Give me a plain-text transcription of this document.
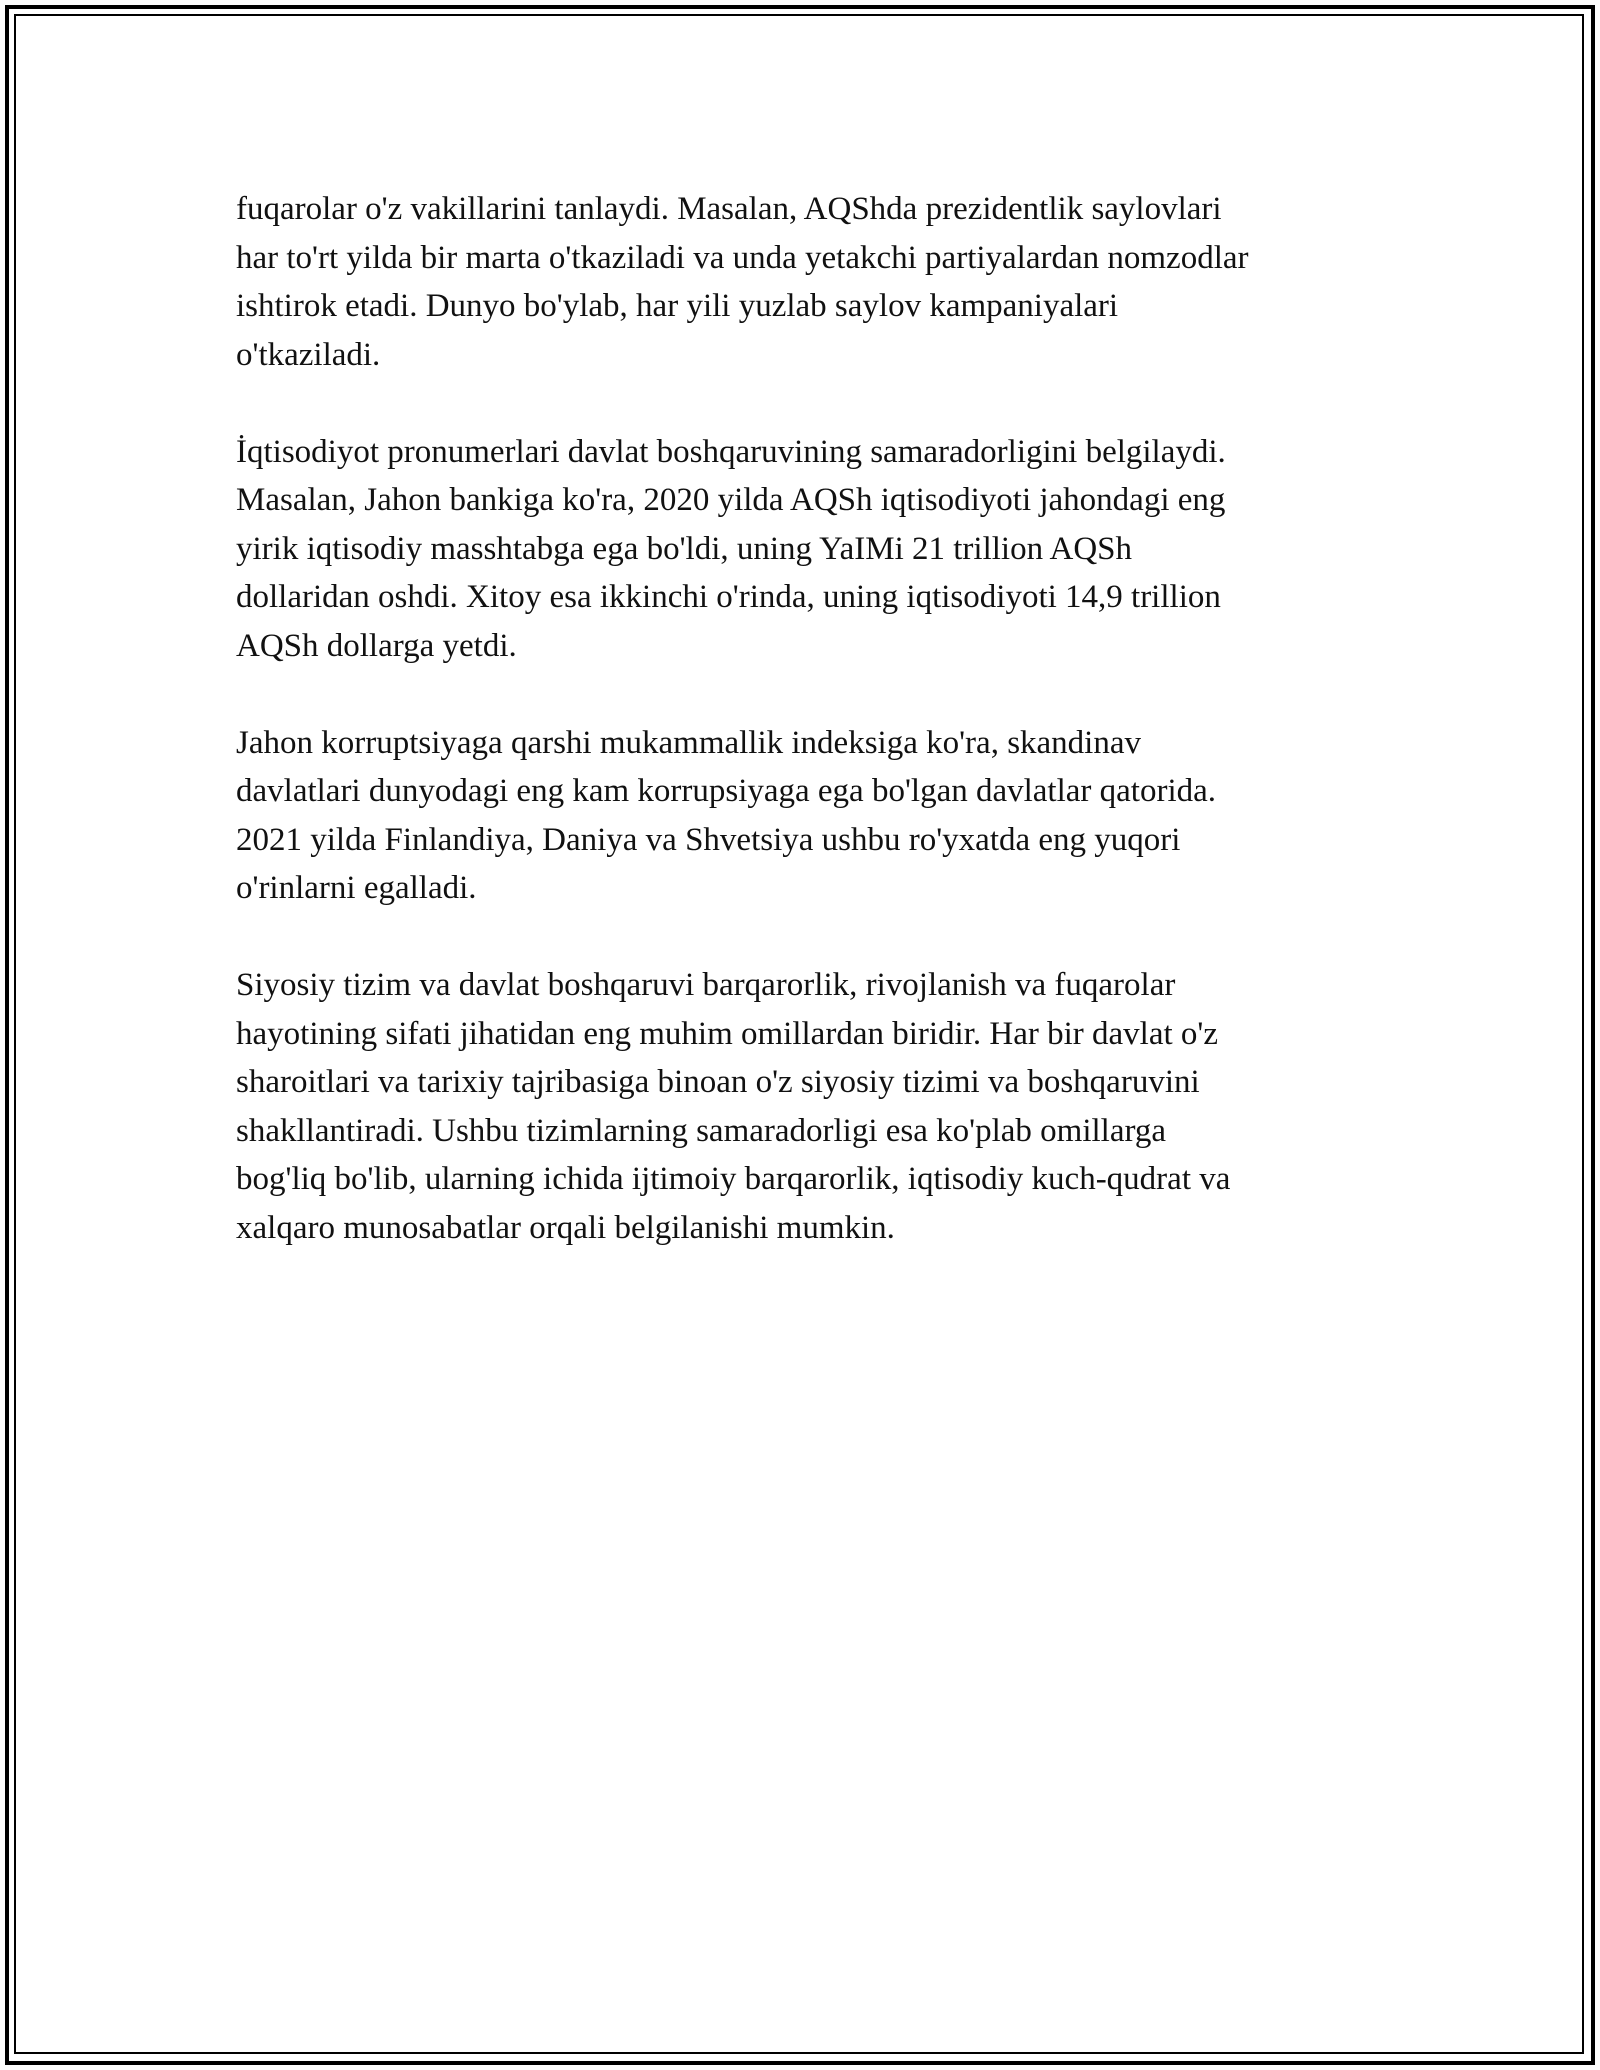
fuqarolar o'z vakillarini tanlaydi. Masalan, AQShda prezidentlik saylovlari
har to'rt yilda bir marta o'tkaziladi va unda yetakchi partiyalardan nomzodlar
ishtirok etadi. Dunyo bo'ylab, har yili yuzlab saylov kampaniyalari
o'tkaziladi.

İqtisodiyot pronumerlari davlat boshqaruvining samaradorligini belgilaydi.
Masalan, Jahon bankiga ko'ra, 2020 yilda AQSh iqtisodiyoti jahondagi eng
yirik iqtisodiy masshtabga ega bo'ldi, uning YaIMi 21 trillion AQSh
dollaridan oshdi. Xitoy esa ikkinchi o'rinda, uning iqtisodiyoti 14,9 trillion
AQSh dollarga yetdi.

Jahon korruptsiyaga qarshi mukammallik indeksiga ko'ra, skandinav
davlatlari dunyodagi eng kam korrupsiyaga ega bo'lgan davlatlar qatorida.
2021 yilda Finlandiya, Daniya va Shvetsiya ushbu ro'yxatda eng yuqori
o'rinlarni egalladi.

Siyosiy tizim va davlat boshqaruvi barqarorlik, rivojlanish va fuqarolar
hayotining sifati jihatidan eng muhim omillardan biridir. Har bir davlat o'z
sharoitlari va tarixiy tajribasiga binoan o'z siyosiy tizimi va boshqaruvini
shakllantiradi. Ushbu tizimlarning samaradorligi esa ko'plab omillarga
bog'liq bo'lib, ularning ichida ijtimoiy barqarorlik, iqtisodiy kuch-qudrat va
xalqaro munosabatlar orqali belgilanishi mumkin.
